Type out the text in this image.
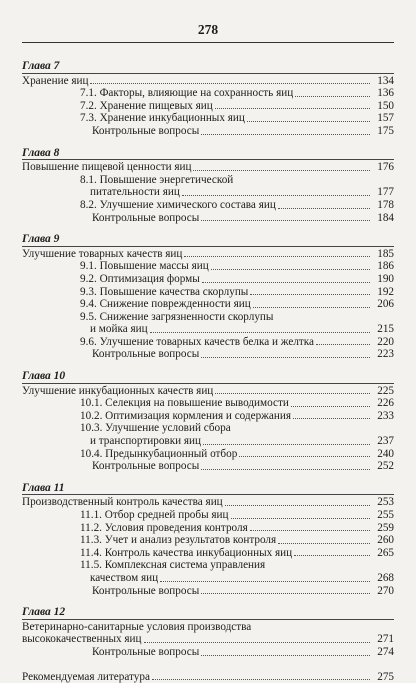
278
Глава 7
Хранение яиц	134
7.1. Факторы, влияющие на сохранность яиц	136
7.2. Хранение пищевых яиц	150
7.3. Хранение инкубационных яиц	157
Контрольные вопросы	175
Глава 8
Повышение пищевой ценности яиц	176
8.1. Повышение энергетической
питательности яиц	177
8.2. Улучшение химического состава яиц	178
Контрольные вопросы	184
Глава 9
Улучшение товарных качеств яиц	185
9.1. Повышение массы яиц	186
9.2. Оптимизация формы	190
9.3. Повышение качества скорлупы	192
9.4. Снижение поврежденности яиц	206
9.5. Снижение загрязненности скорлупы
и мойка яиц	215
9.6. Улучшение товарных качеств белка и желтка	220
Контрольные вопросы	223
Глава 10
Улучшение инкубационных качеств яиц	225
10.1. Селекция на повышение выводимости	226
10.2. Оптимизация кормления и содержания	233
10.3. Улучшение условий сбора
и транспортировки яиц	237
10.4. Предынкубационный отбор	240
Контрольные вопросы	252
Глава 11
Производственный контроль качества яиц	253
11.1. Отбор средней пробы яиц	255
11.2. Условия проведения контроля	259
11.3. Учет и анализ результатов контроля	260
11.4. Контроль качества инкубационных яиц	265
11.5. Комплексная система управления
качеством яиц	268
Контрольные вопросы	270
Глава 12
Ветеринарно-санитарные условия производства
высококачественных яиц	271
Контрольные вопросы	274
Рекомендуемая литература	275
